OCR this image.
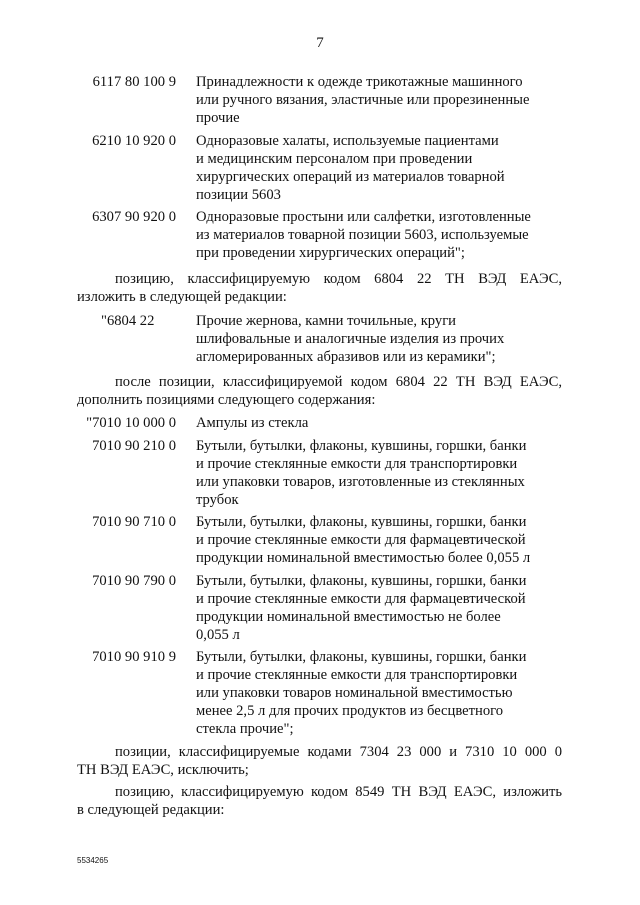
7
6117 80 100 9 Принадлежности к одежде трикотажные машинного
или ручного вязания, эластичные или прорезиненные
прочие
6210 10 920 0 Одноразовые халаты, используемые пациентами
и медицинским персоналом при проведении
хирургических операций из материалов товарной
позиции 5603
6307 90 920 0 Одноразовые простыни или салфетки, изготовленные
из материалов товарной позиции 5603, используемые
при проведении хирургических операций";
позицию, классифицируемую кодом 6804 22 ТН ВЭД ЕАЭС,
изложить в следующей редакции:
"6804 22	Прочие жернова, камни точильные, круги
шлифовальные и аналогичные изделия из прочих
агломерированных абразивов или из керамики";
после позиции, классифицируемой кодом 6804 22 ТН ВЭД ЕАЭС,
дополнить позициями следующего содержания:
"7010 10 000 0 Ампулы из стекла
7010 90 210 0 Бутыли, бутылки, флаконы, кувшины, горшки, банки
и прочие стеклянные емкости для транспортировки
или упаковки товаров, изготовленные из стеклянных
трубок
7010 90 710 0 Бутыли, бутылки, флаконы, кувшины, горшки, банки
и прочие стеклянные емкости для фармацевтической
продукции номинальной вместимостью более 0,055 л
7010 90 790 0 Бутыли, бутылки, флаконы, кувшины, горшки, банки
и прочие стеклянные емкости для фармацевтической
продукции номинальной вместимостью не более
0,055 л
7010 90 910 9 Бутыли, бутылки, флаконы, кувшины, горшки, банки
и прочие стеклянные емкости для транспортировки
или упаковки товаров номинальной вместимостью
менее 2,5 л для прочих продуктов из бесцветного
стекла прочие";
позиции, классифицируемые кодами 7304 23 000 и 7310 10 000 0
ТН ВЭД ЕАЭС, исключить;
позицию, классифицируемую кодом 8549 ТН ВЭД ЕАЭС, изложить
в следующей редакции:
5534265
